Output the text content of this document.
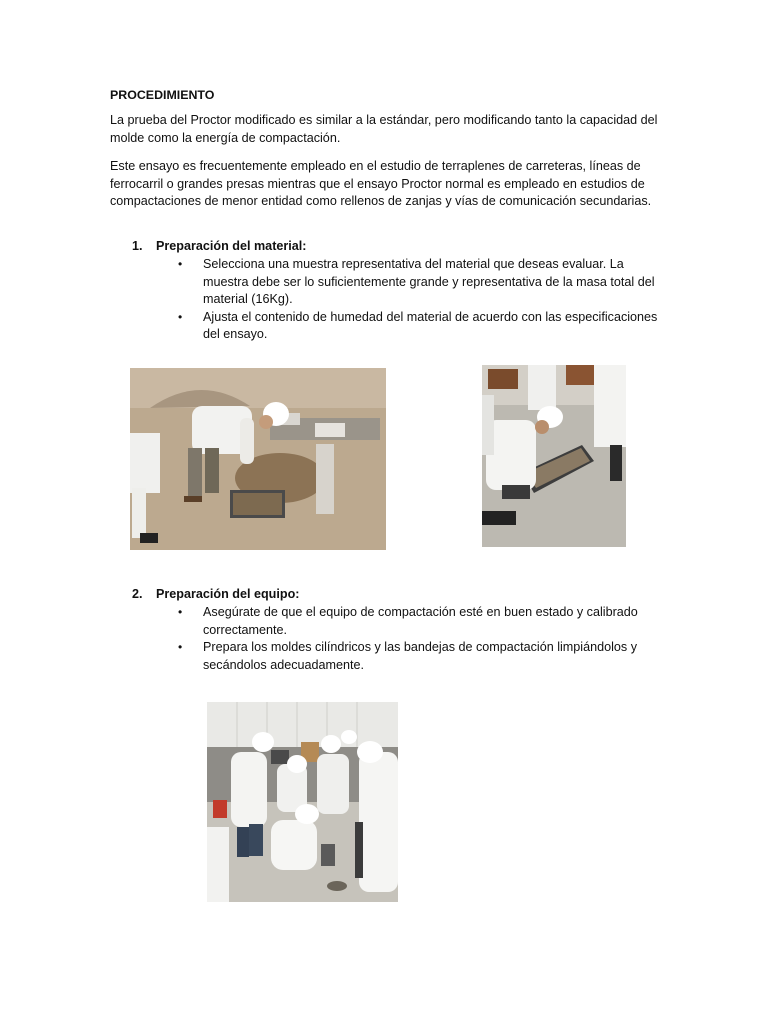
PROCEDIMIENTO

La prueba del Proctor modificado es similar a la estándar, pero modificando tanto la capacidad del molde como la energía de compactación.

Este ensayo es frecuentemente empleado en el estudio de terraplenes de carreteras, líneas de ferrocarril o grandes presas mientras que el ensayo Proctor normal es empleado en estudios de compactaciones de menor entidad como rellenos de zanjas y vías de comunicación secundarias.

1. Preparación del material:
• Selecciona una muestra representativa del material que deseas evaluar. La muestra debe ser lo suficientemente grande y representativa de la masa total del material (16Kg).
• Ajusta el contenido de humedad del material de acuerdo con las especificaciones del ensayo.
2. Preparación del equipo:
• Asegúrate de que el equipo de compactación esté en buen estado y calibrado correctamente.
• Prepara los moldes cilíndricos y las bandejas de compactación limpiándolos y secándolos adecuadamente.
